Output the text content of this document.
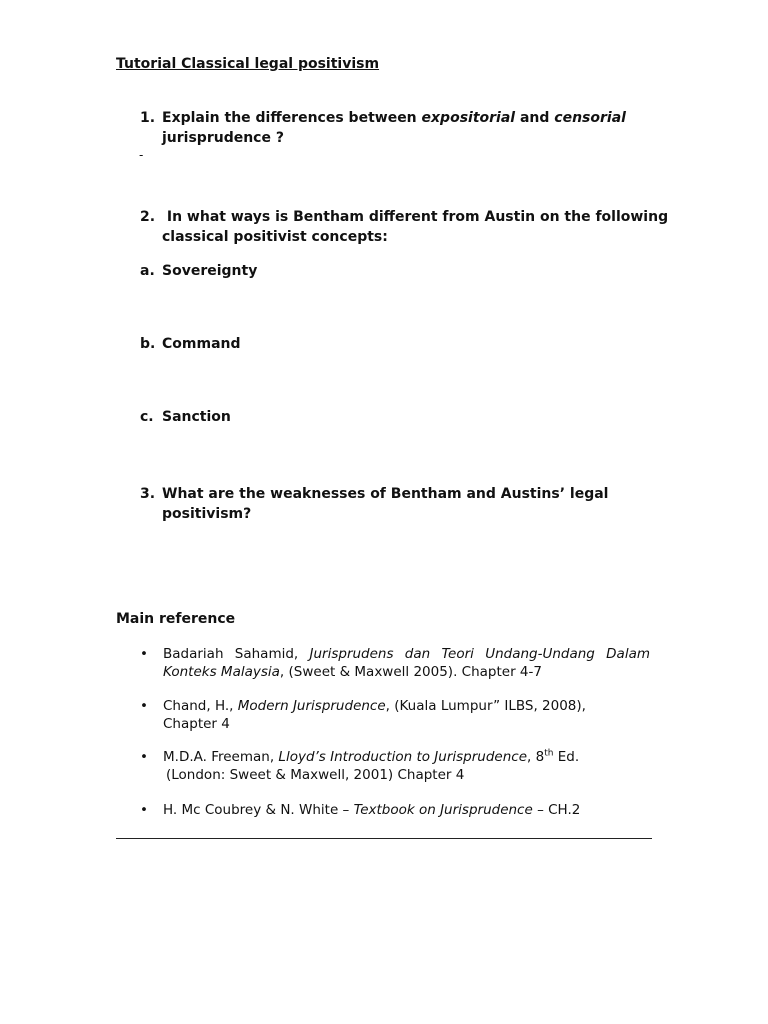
Tutorial Classical legal positivism
1. Explain the differences between expositorial and censorial
jurisprudence ?
-
2. In what ways is Bentham different from Austin on the following
classical positivist concepts:
a. Sovereignty
b. Command
c. Sanction
3. What are the weaknesses of Bentham and Austins’ legal
positivism?
Main reference
• Badariah Sahamid, Jurisprudens dan Teori Undang-Undang Dalam Konteks Malaysia, (Sweet & Maxwell 2005). Chapter 4-7
• Chand, H., Modern Jurisprudence, (Kuala Lumpur” ILBS, 2008),
Chapter 4
• M.D.A. Freeman, Lloyd’s Introduction to Jurisprudence, 8th Ed.
(London: Sweet & Maxwell, 2001) Chapter 4
• H. Mc Coubrey & N. White – Textbook on Jurisprudence – CH.2
